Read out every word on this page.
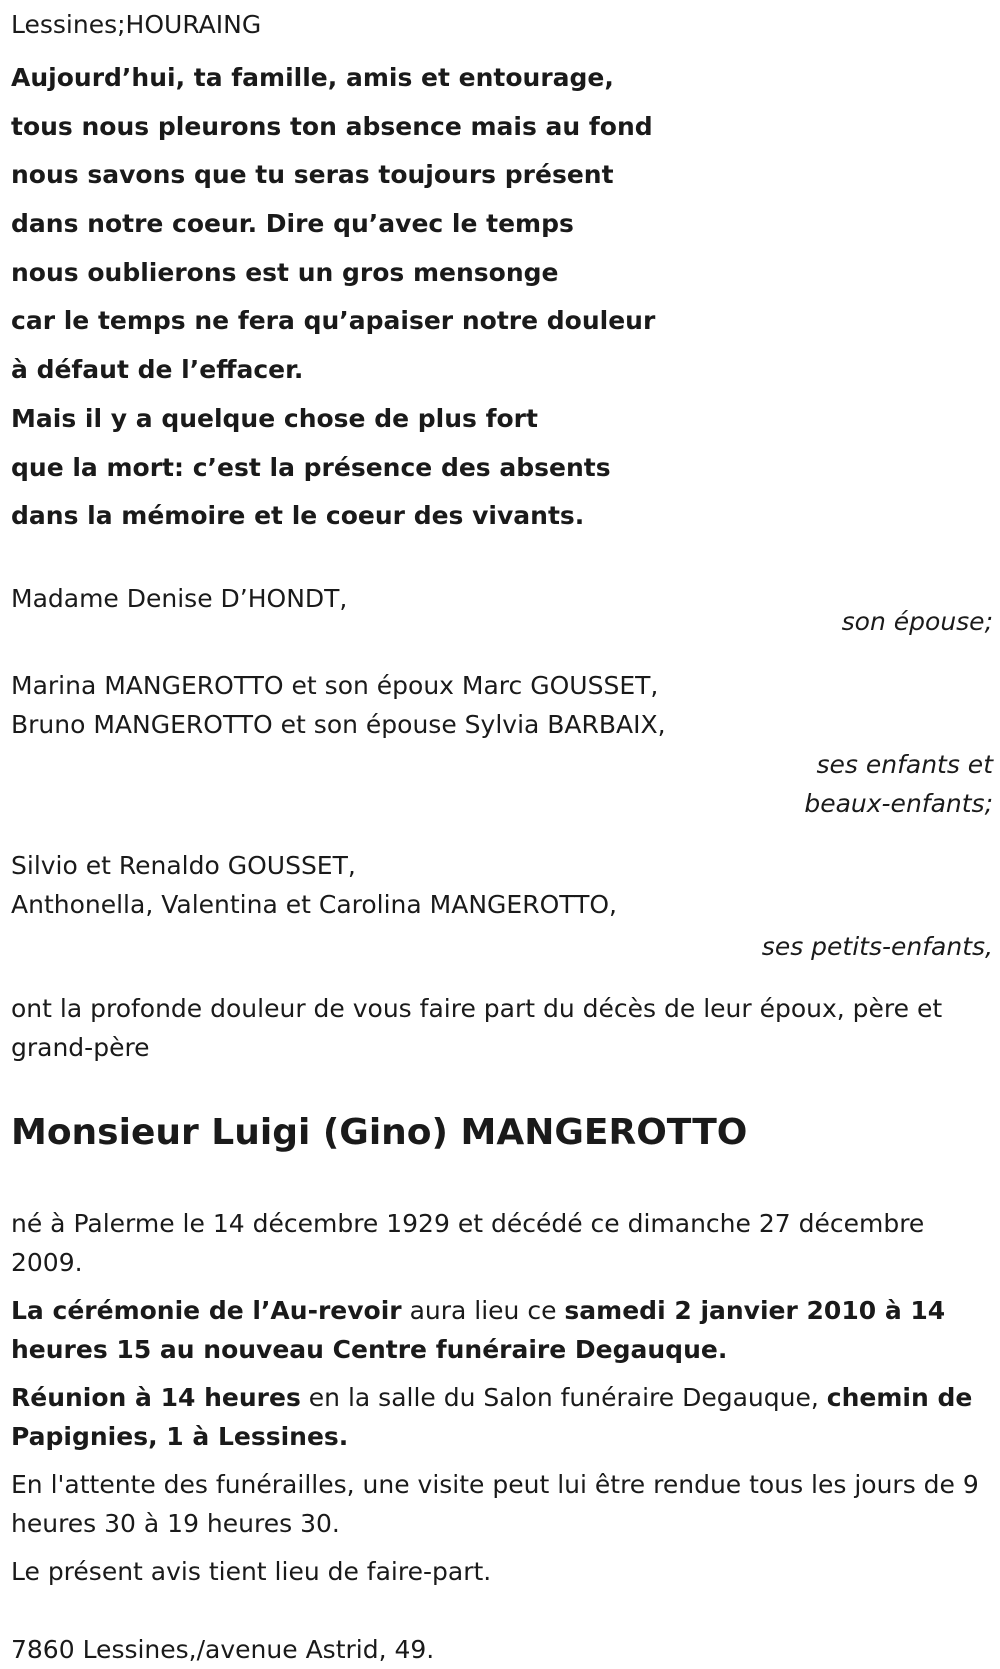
Lessines;HOURAING
Aujourd’hui, ta famille, amis et entourage,
tous nous pleurons ton absence mais au fond
nous savons que tu seras toujours présent
dans notre coeur. Dire qu’avec le temps
nous oublierons est un gros mensonge
car le temps ne fera qu’apaiser notre douleur
à défaut de l’effacer.
Mais il y a quelque chose de plus fort
que la mort: c’est la présence des absents
dans la mémoire et le coeur des vivants.
Madame Denise D’HONDT,
son épouse;
Marina MANGEROTTO et son époux Marc GOUSSET,
Bruno MANGEROTTO et son épouse Sylvia BARBAIX,
ses enfants et
beaux-enfants;
Silvio et Renaldo GOUSSET,
Anthonella, Valentina et Carolina MANGEROTTO,
ses petits-enfants,
ont la profonde douleur de vous faire part du décès de leur époux, père et grand-père
Monsieur Luigi (Gino) MANGEROTTO
né à Palerme le 14 décembre 1929 et décédé ce dimanche 27 décembre 2009.
La cérémonie de l’Au-revoir aura lieu ce samedi 2 janvier 2010 à 14 heures 15 au nouveau Centre funéraire Degauque.
Réunion à 14 heures en la salle du Salon funéraire Degauque, chemin de Papignies, 1 à Lessines.
En l'attente des funérailles, une visite peut lui être rendue tous les jours de 9 heures 30 à 19 heures 30.
Le présent avis tient lieu de faire-part.
7860 Lessines,/avenue Astrid, 49.
